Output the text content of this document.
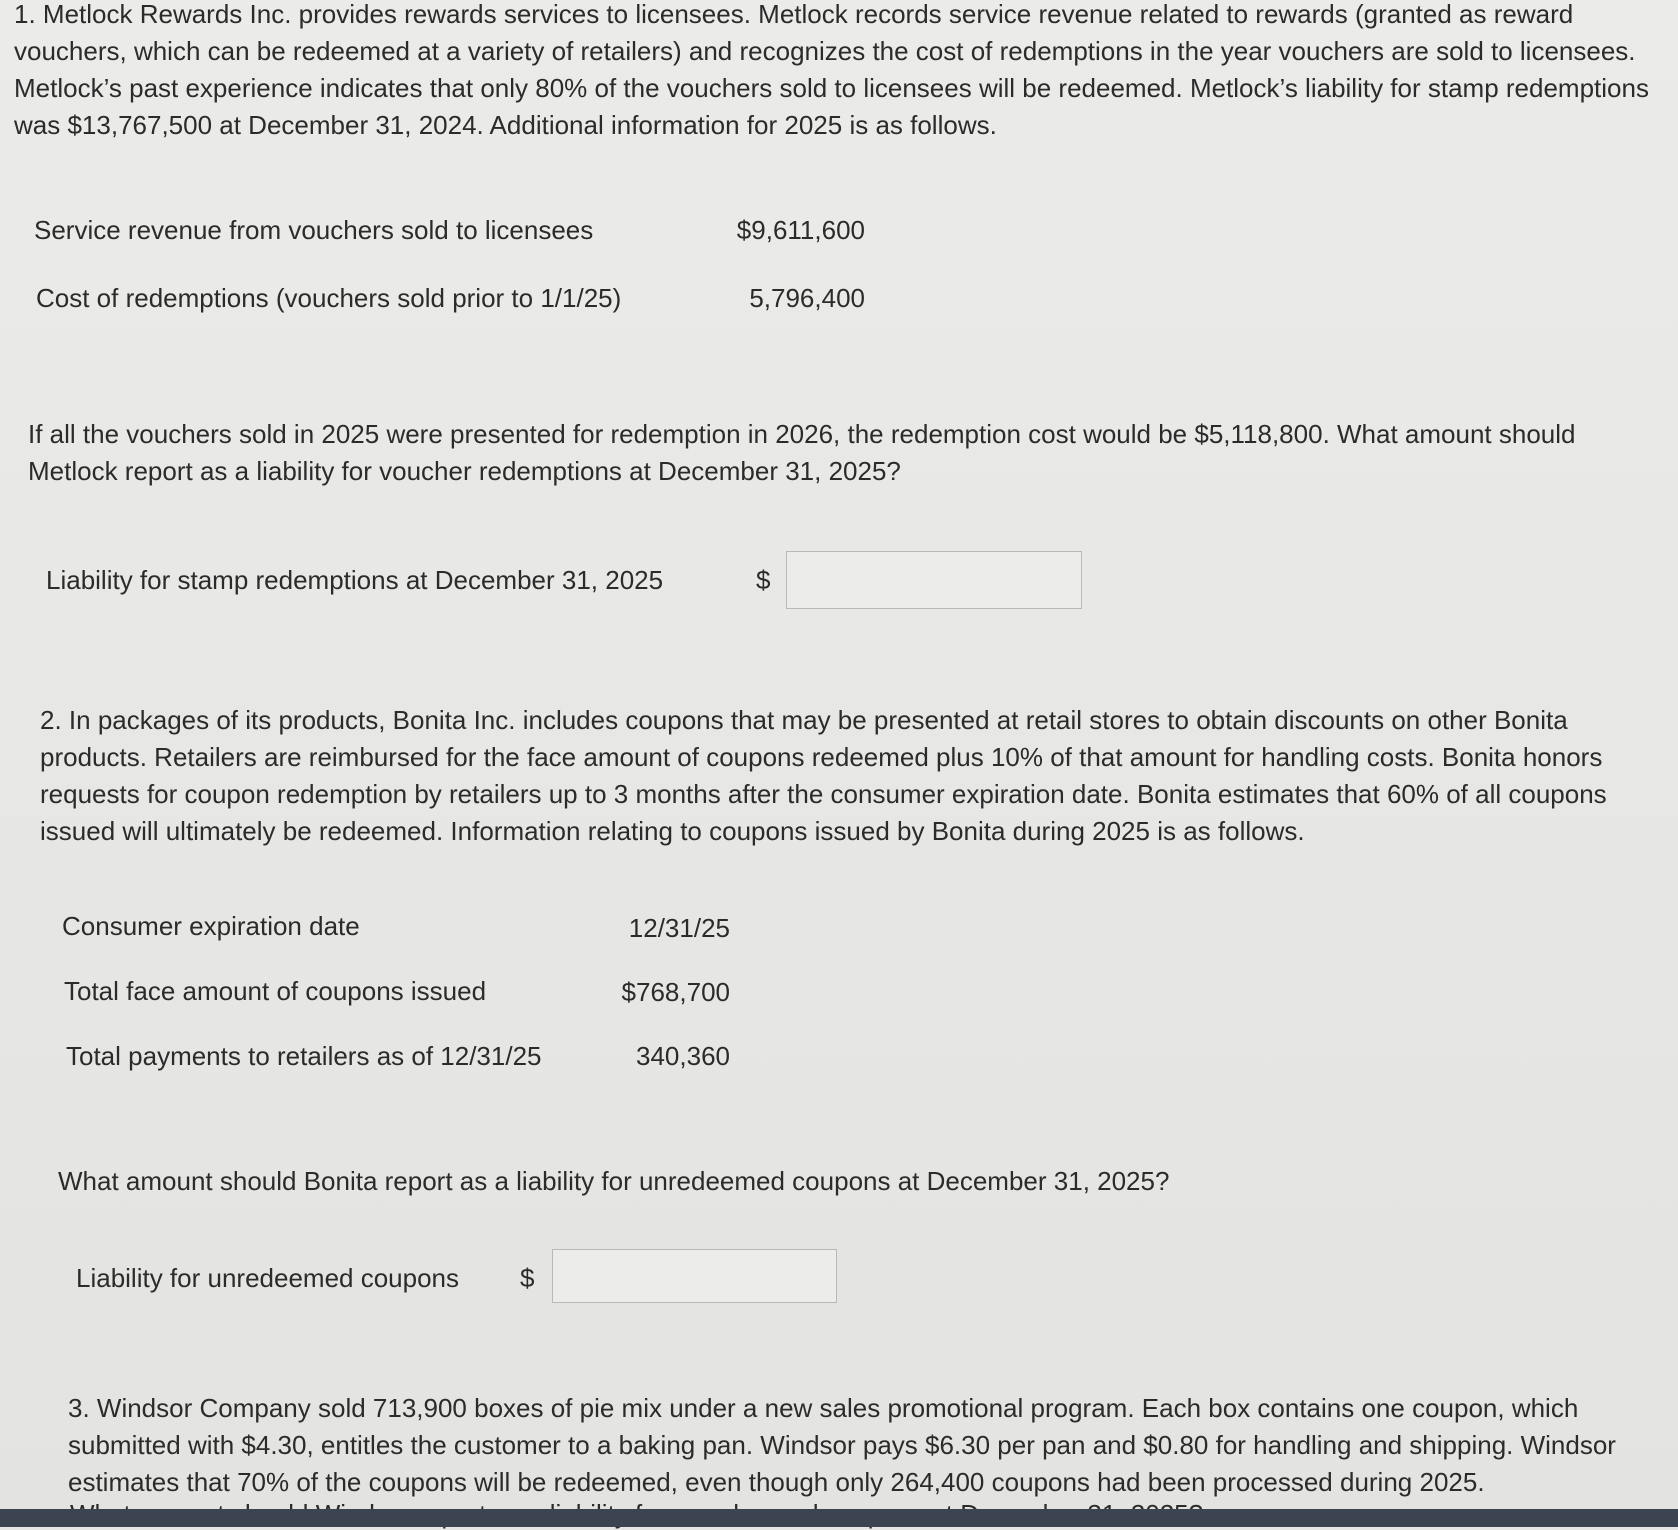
1. Metlock Rewards Inc. provides rewards services to licensees. Metlock records service revenue related to rewards (granted as reward vouchers, which can be redeemed at a variety of retailers) and recognizes the cost of redemptions in the year vouchers are sold to licensees. Metlock’s past experience indicates that only 80% of the vouchers sold to licensees will be redeemed. Metlock’s liability for stamp redemptions was $13,767,500 at December 31, 2024. Additional information for 2025 is as follows.
Service revenue from vouchers sold to licensees	$9,611,600
Cost of redemptions (vouchers sold prior to 1/1/25)	5,796,400
If all the vouchers sold in 2025 were presented for redemption in 2026, the redemption cost would be $5,118,800. What amount should Metlock report as a liability for voucher redemptions at December 31, 2025?
Liability for stamp redemptions at December 31, 2025	$
2. In packages of its products, Bonita Inc. includes coupons that may be presented at retail stores to obtain discounts on other Bonita products. Retailers are reimbursed for the face amount of coupons redeemed plus 10% of that amount for handling costs. Bonita honors requests for coupon redemption by retailers up to 3 months after the consumer expiration date. Bonita estimates that 60% of all coupons issued will ultimately be redeemed. Information relating to coupons issued by Bonita during 2025 is as follows.
Consumer expiration date	12/31/25
Total face amount of coupons issued	$768,700
Total payments to retailers as of 12/31/25	340,360
What amount should Bonita report as a liability for unredeemed coupons at December 31, 2025?
Liability for unredeemed coupons $
3. Windsor Company sold 713,900 boxes of pie mix under a new sales promotional program. Each box contains one coupon, which submitted with $4.30, entitles the customer to a baking pan. Windsor pays $6.30 per pan and $0.80 for handling and shipping. Windsor estimates that 70% of the coupons will be redeemed, even though only 264,400 coupons had been processed during 2025.
